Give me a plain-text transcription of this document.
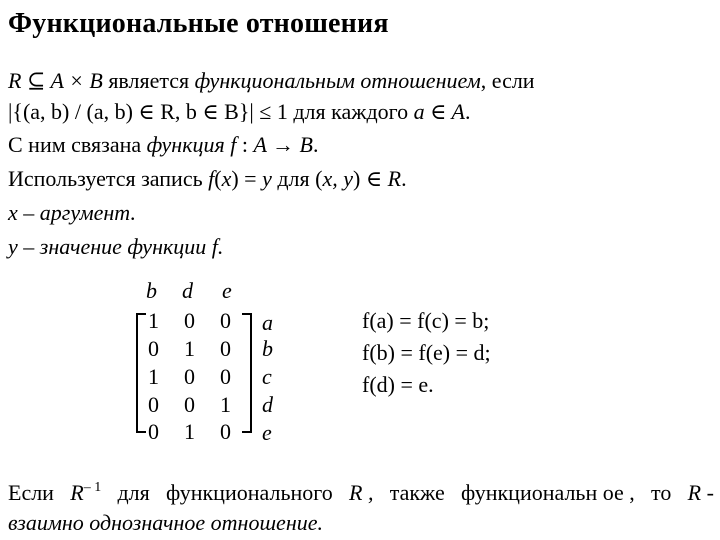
Функциональные отношения
R ⊆ A × B является функциональным отношением, если
|{(a, b) / (a, b) ∈ R, b ∈ B}| ≤ 1 для каждого a ∈ A.
С ним связана функция f : A → B.
Используется запись f(x) = y для (x, y) ∈ R.
x – аргумент.
y – значение функции f.
b d e
1 0 0
0 1 0
1 0 0
0 0 1
0 1 0
a
b
c
d
e
f(a) = f(c) = b;
f(b) = f(e) = d;
f(d) = e.
Если $R^{- 1}$ для функционального R , также функциональн ое , то R -
взаимно однозначное отношение.
